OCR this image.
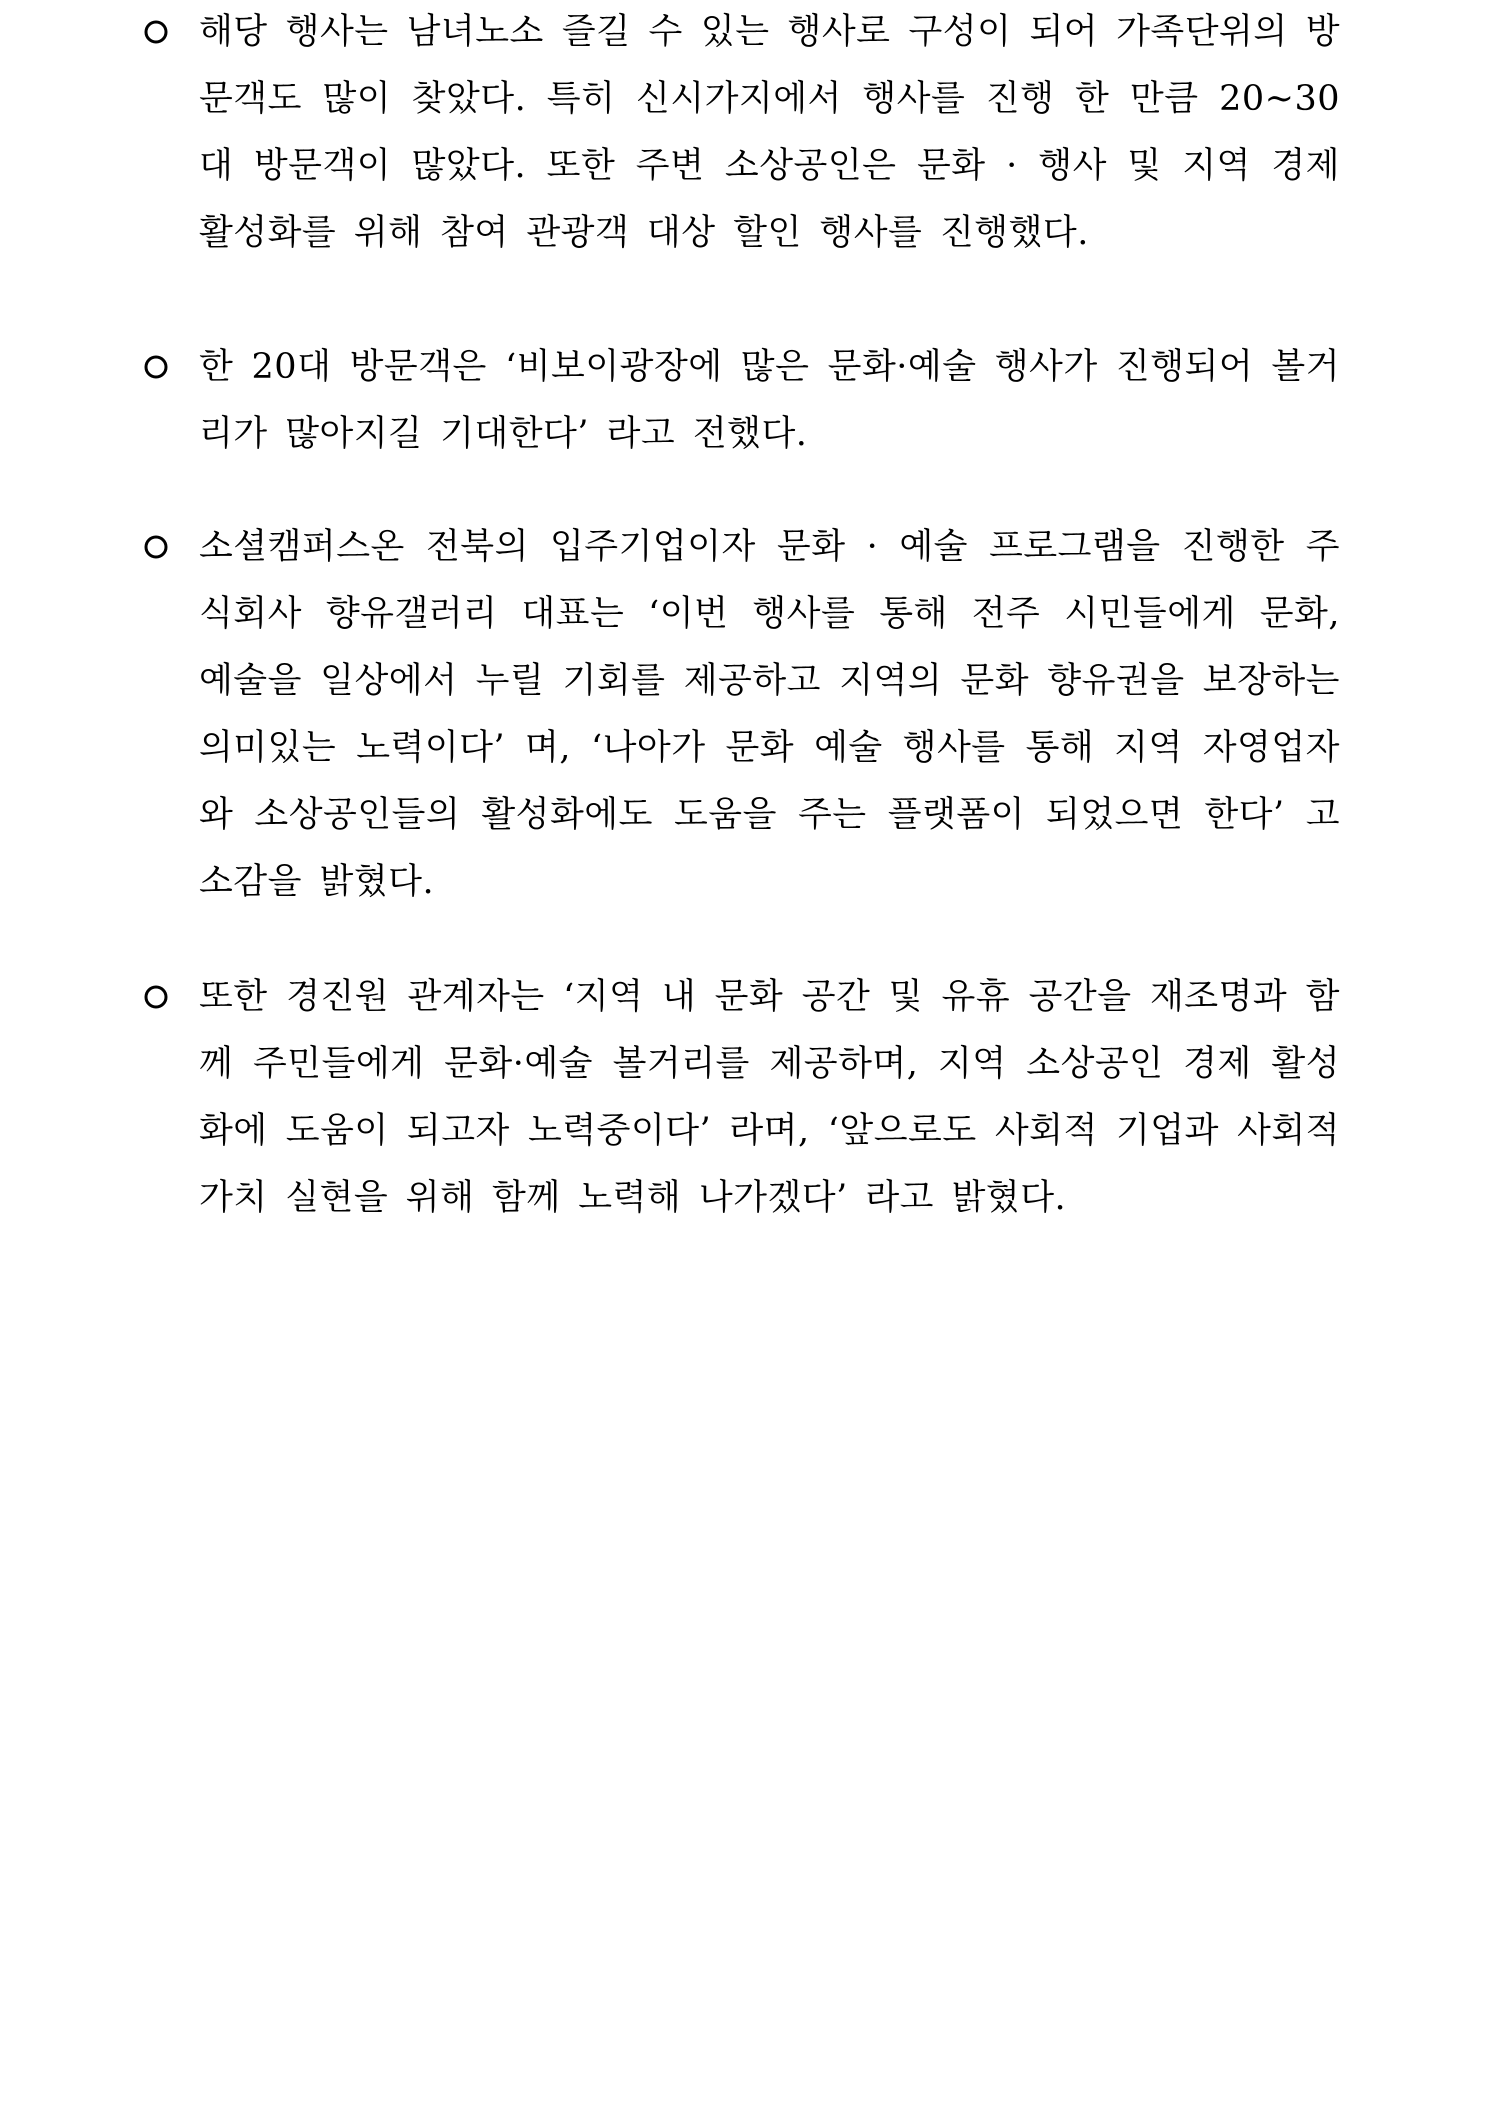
해당 행사는 남녀노소 즐길 수 있는 행사로 구성이 되어 가족단위의 방문객도 많이 찾았다. 특히 신시가지에서 행사를 진행 한 만큼 20~30대 방문객이 많았다. 또한 주변 소상공인은 문화 · 행사 및 지역 경제 활성화를 위해 참여 관광객 대상 할인 행사를 진행했다.
한 20대 방문객은 ‘비보이광장에 많은 문화·예술 행사가 진행되어 볼거리가 많아지길 기대한다’ 라고 전했다.
소셜캠퍼스온 전북의 입주기업이자 문화 · 예술 프로그램을 진행한 주식회사 향유갤러리 대표는 ‘이번 행사를 통해 전주 시민들에게 문화, 예술을 일상에서 누릴 기회를 제공하고 지역의 문화 향유권을 보장하는 의미있는 노력이다’ 며, ‘나아가 문화 예술 행사를 통해 지역 자영업자와 소상공인들의 활성화에도 도움을 주는 플랫폼이 되었으면 한다’ 고 소감을 밝혔다.
또한 경진원 관계자는 ‘지역 내 문화 공간 및 유휴 공간을 재조명과 함께 주민들에게 문화·예술 볼거리를 제공하며, 지역 소상공인 경제 활성화에 도움이 되고자 노력중이다’ 라며, ‘앞으로도 사회적 기업과 사회적 가치 실현을 위해 함께 노력해 나가겠다’ 라고 밝혔다.
